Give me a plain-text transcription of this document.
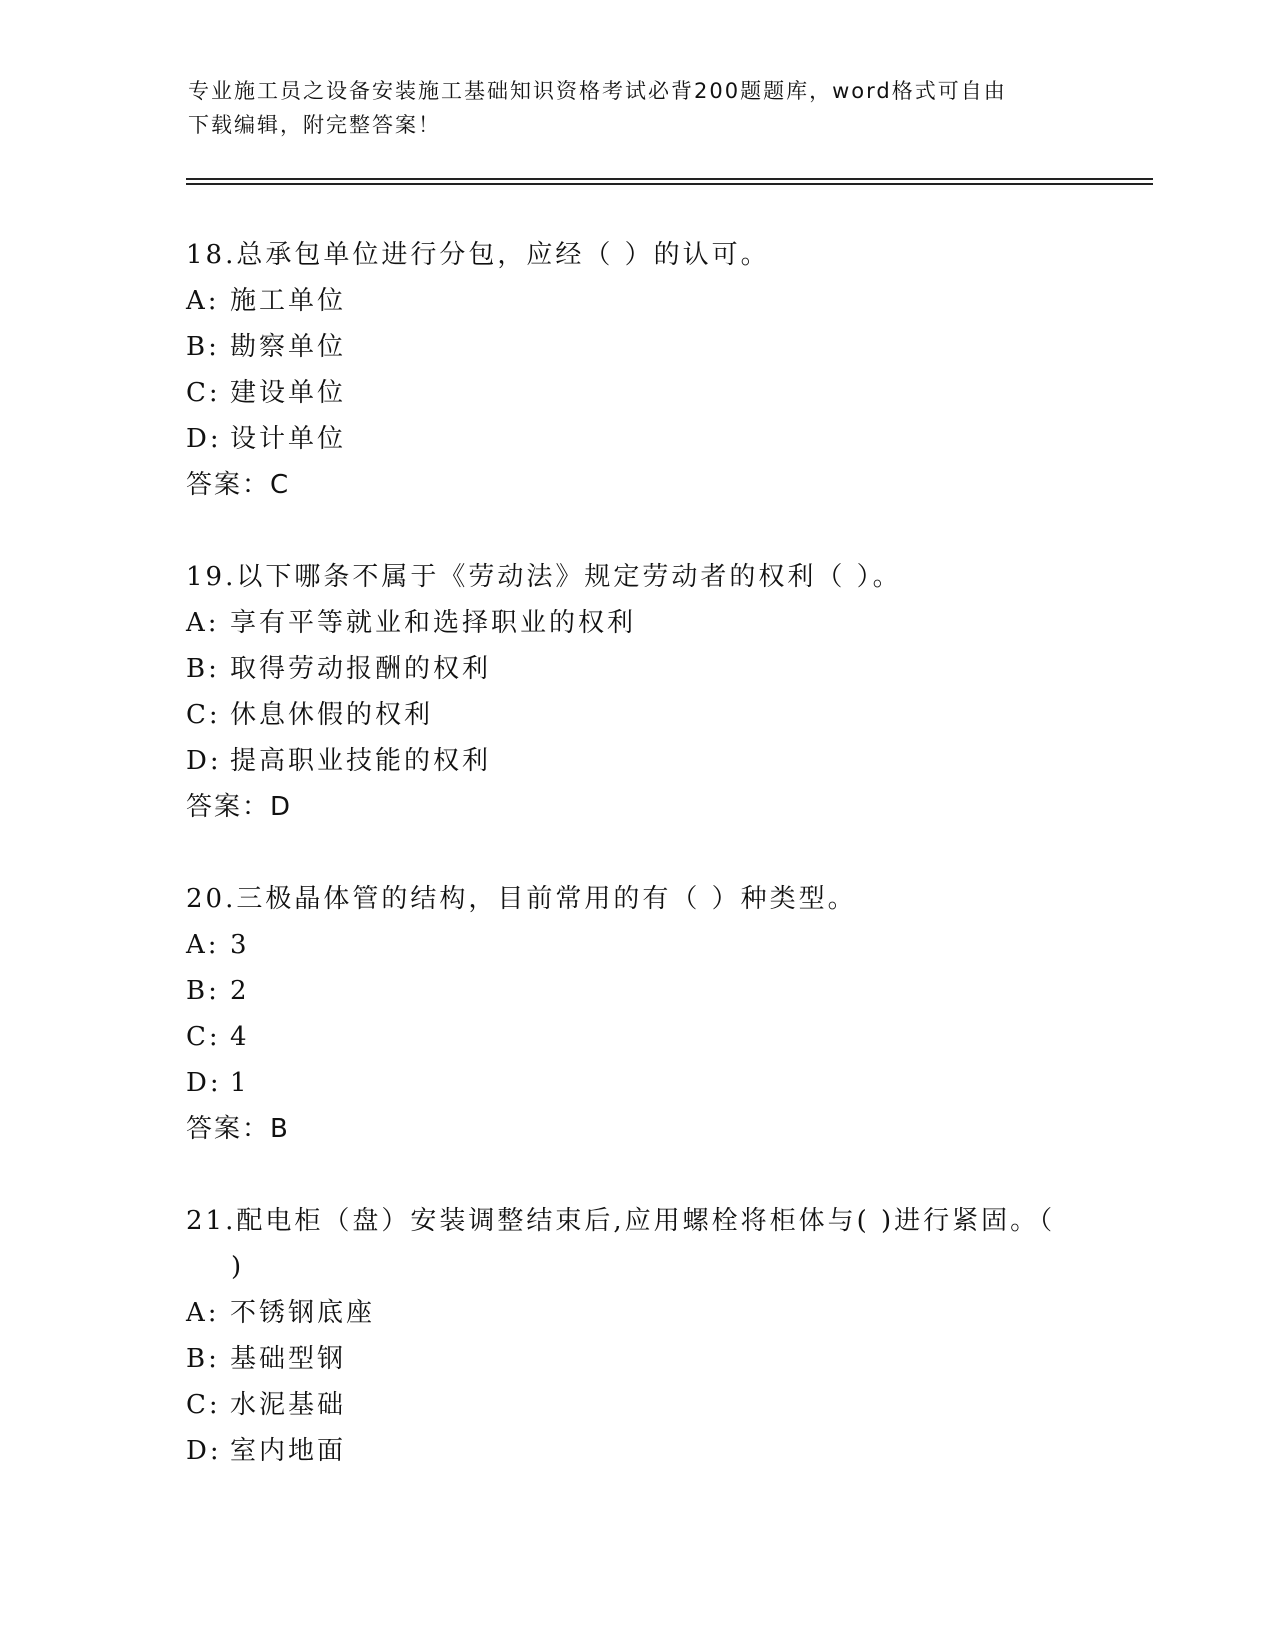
专业施工员之设备安装施工基础知识资格考试必背200题题库，word格式可自由
下载编辑，附完整答案！
18.总承包单位进行分包，应经（ ）的认可。
A: 施工单位
B: 勘察单位
C: 建设单位
D: 设计单位
答案：C
19.以下哪条不属于《劳动法》规定劳动者的权利（ ）。
A: 享有平等就业和选择职业的权利
B: 取得劳动报酬的权利
C: 休息休假的权利
D: 提高职业技能的权利
答案：D
20.三极晶体管的结构，目前常用的有（ ）种类型。
A: 3
B: 2
C: 4
D: 1
答案：B
21.配电柜（盘）安装调整结束后,应用螺栓将柜体与( )进行紧固。（
)
A: 不锈钢底座
B: 基础型钢
C: 水泥基础
D: 室内地面
